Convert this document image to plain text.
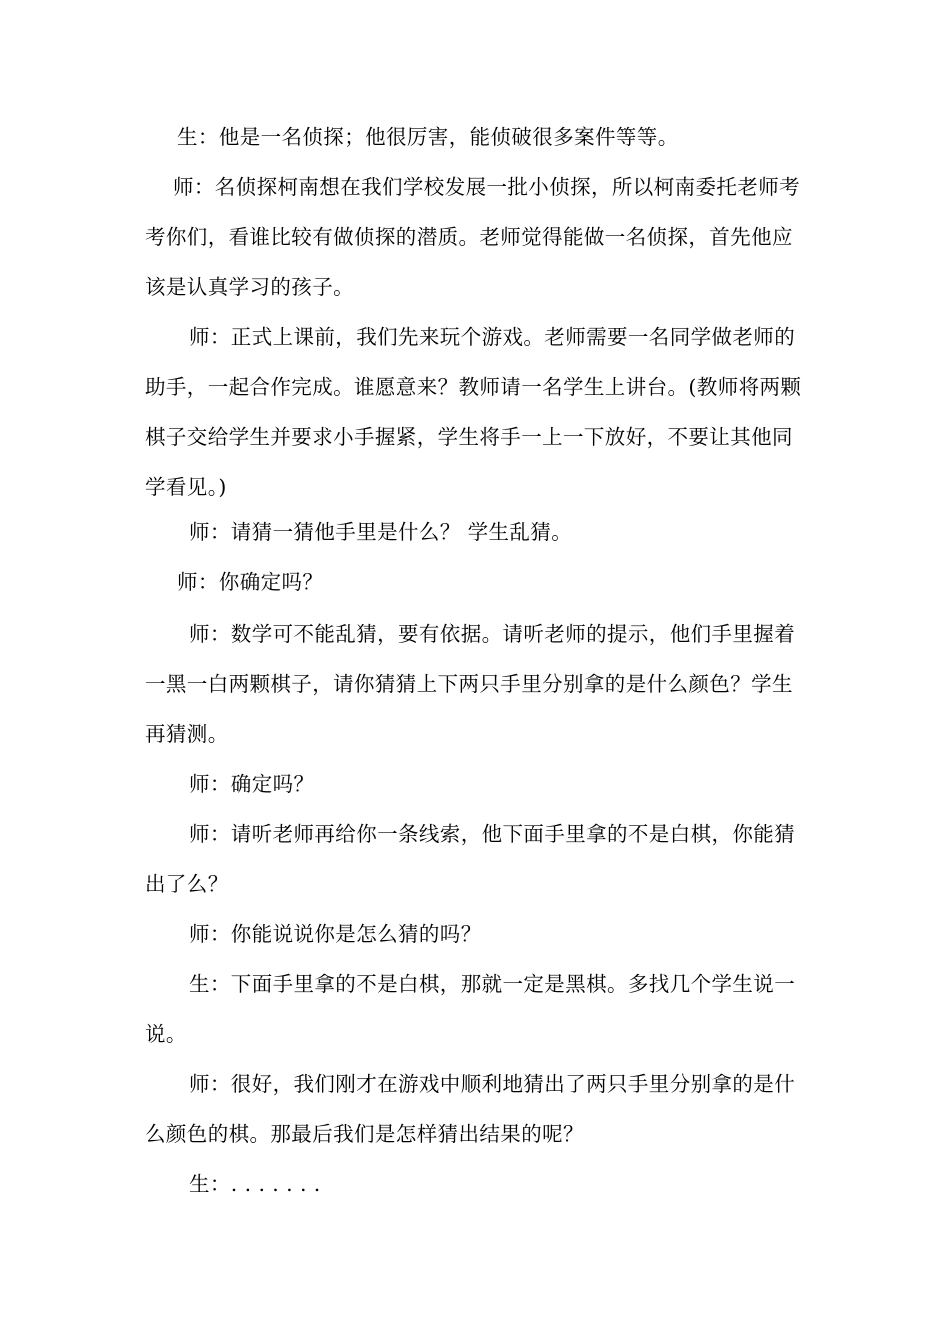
生：他是一名侦探；他很厉害，能侦破很多案件等等。

师：名侦探柯南想在我们学校发展一批小侦探，所以柯南委托老师考考你们，看谁比较有做侦探的潜质。老师觉得能做一名侦探，首先他应该是认真学习的孩子。

师：正式上课前，我们先来玩个游戏。老师需要一名同学做老师的助手，一起合作完成。谁愿意来？教师请一名学生上讲台。(教师将两颗棋子交给学生并要求小手握紧，学生将手一上一下放好，不要让其他同学看见。)

师：请猜一猜他手里是什么？ 学生乱猜。

师：你确定吗？

师：数学可不能乱猜，要有依据。请听老师的提示，他们手里握着一黑一白两颗棋子，请你猜猜上下两只手里分别拿的是什么颜色？学生再猜测。

师：确定吗？

师：请听老师再给你一条线索，他下面手里拿的不是白棋，你能猜出了么？

师：你能说说你是怎么猜的吗？

生：下面手里拿的不是白棋，那就一定是黑棋。多找几个学生说一说。

师：很好，我们刚才在游戏中顺利地猜出了两只手里分别拿的是什么颜色的棋。那最后我们是怎样猜出结果的呢？

生：. . . . . . .
